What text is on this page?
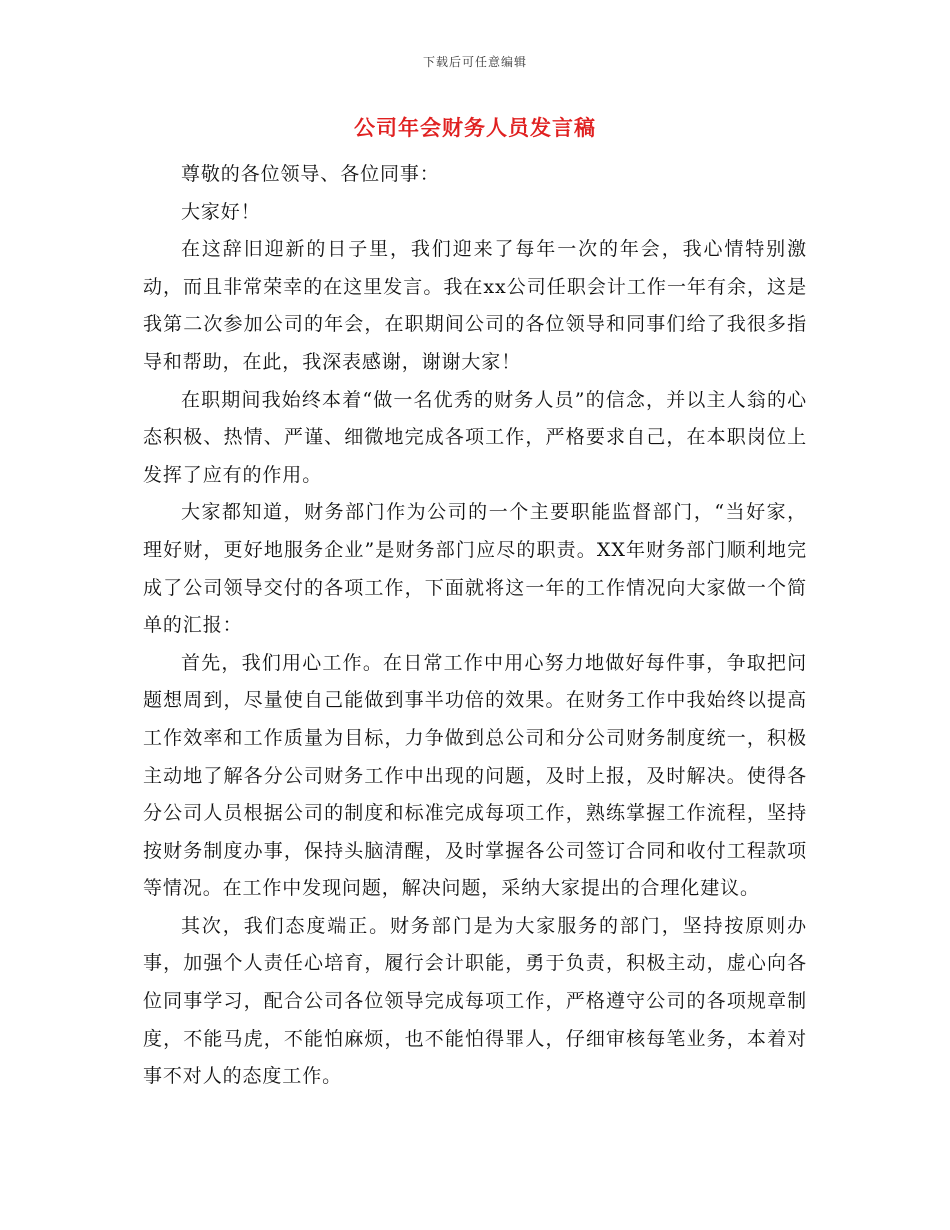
下载后可任意编辑
公司年会财务人员发言稿

尊敬的各位领导、各位同事：

大家好！

在这辞旧迎新的日子里，我们迎来了每年一次的年会，我心情特别激动，而且非常荣幸的在这里发言。我在xx公司任职会计工作一年有余，这是我第二次参加公司的年会，在职期间公司的各位领导和同事们给了我很多指导和帮助，在此，我深表感谢，谢谢大家！

在职期间我始终本着“做一名优秀的财务人员”的信念，并以主人翁的心态积极、热情、严谨、细微地完成各项工作，严格要求自己，在本职岗位上发挥了应有的作用。

大家都知道，财务部门作为公司的一个主要职能监督部门，“当好家，理好财，更好地服务企业”是财务部门应尽的职责。XX年财务部门顺利地完成了公司领导交付的各项工作，下面就将这一年的工作情况向大家做一个简单的汇报：

首先，我们用心工作。在日常工作中用心努力地做好每件事，争取把问题想周到，尽量使自己能做到事半功倍的效果。在财务工作中我始终以提高工作效率和工作质量为目标，力争做到总公司和分公司财务制度统一，积极主动地了解各分公司财务工作中出现的问题，及时上报，及时解决。使得各分公司人员根据公司的制度和标准完成每项工作，熟练掌握工作流程，坚持按财务制度办事，保持头脑清醒，及时掌握各公司签订合同和收付工程款项等情况。在工作中发现问题，解决问题，采纳大家提出的合理化建议。

其次，我们态度端正。财务部门是为大家服务的部门，坚持按原则办事，加强个人责任心培育，履行会计职能，勇于负责，积极主动，虚心向各位同事学习，配合公司各位领导完成每项工作，严格遵守公司的各项规章制度，不能马虎，不能怕麻烦，也不能怕得罪人，仔细审核每笔业务，本着对事不对人的态度工作。
